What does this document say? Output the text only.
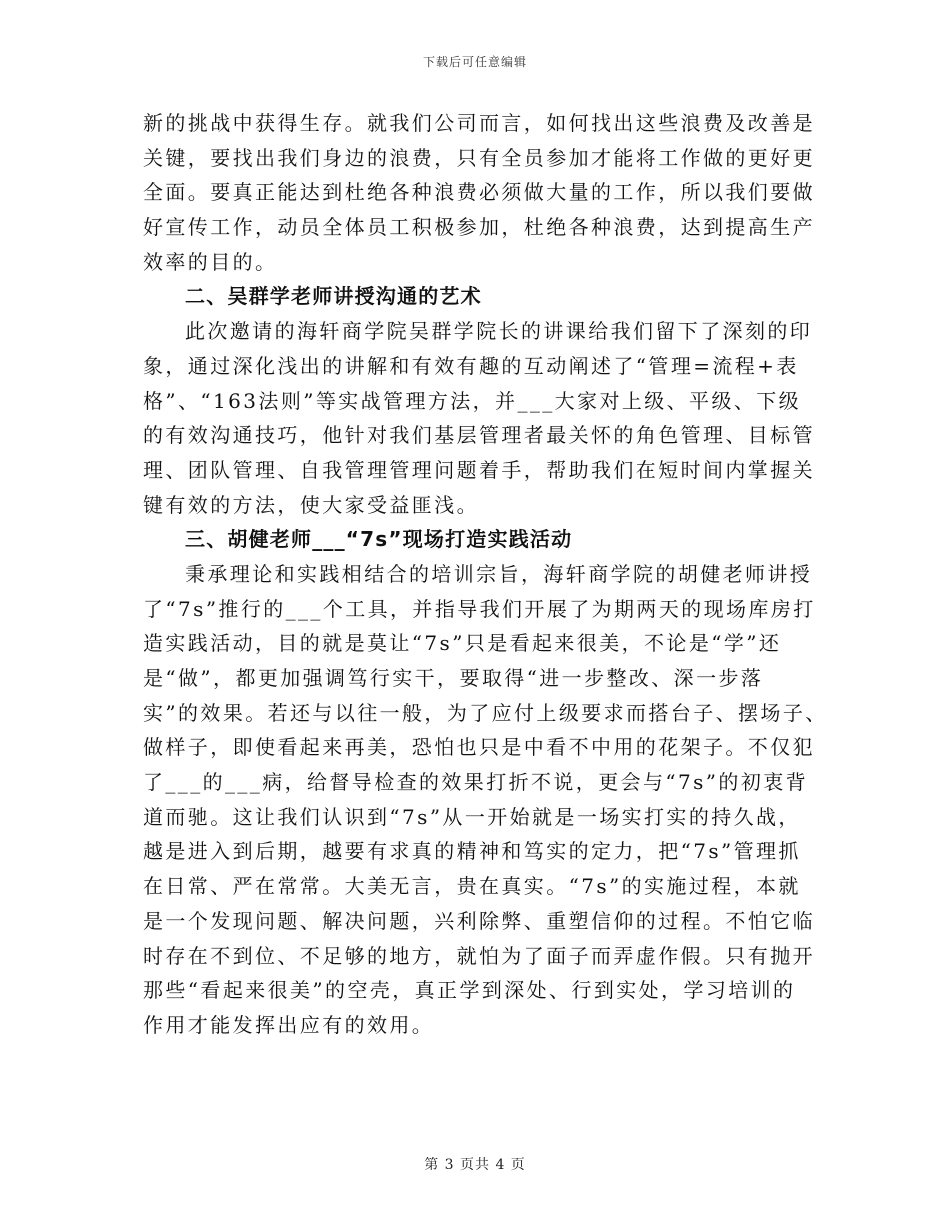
下载后可任意编辑
新的挑战中获得生存。就我们公司而言，如何找出这些浪费及改善是
关键，要找出我们身边的浪费，只有全员参加才能将工作做的更好更
全面。要真正能达到杜绝各种浪费必须做大量的工作，所以我们要做
好宣传工作，动员全体员工积极参加，杜绝各种浪费，达到提高生产
效率的目的。
二、吴群学老师讲授沟通的艺术
此次邀请的海轩商学院吴群学院长的讲课给我们留下了深刻的印
象，通过深化浅出的讲解和有效有趣的互动阐述了“管理=流程+表
格”、“163法则”等实战管理方法，并___大家对上级、平级、下级
的有效沟通技巧，他针对我们基层管理者最关怀的角色管理、目标管
理、团队管理、自我管理管理问题着手，帮助我们在短时间内掌握关
键有效的方法，使大家受益匪浅。
三、胡健老师___“7s”现场打造实践活动
秉承理论和实践相结合的培训宗旨，海轩商学院的胡健老师讲授
了“7s”推行的___个工具，并指导我们开展了为期两天的现场库房打
造实践活动，目的就是莫让“7s”只是看起来很美，不论是“学”还
是“做”，都更加强调笃行实干，要取得“进一步整改、深一步落
实”的效果。若还与以往一般，为了应付上级要求而搭台子、摆场子、
做样子，即使看起来再美，恐怕也只是中看不中用的花架子。不仅犯
了___的___病，给督导检查的效果打折不说，更会与“7s”的初衷背
道而驰。这让我们认识到“7s”从一开始就是一场实打实的持久战，
越是进入到后期，越要有求真的精神和笃实的定力，把“7s”管理抓
在日常、严在常常。大美无言，贵在真实。“7s”的实施过程，本就
是一个发现问题、解决问题，兴利除弊、重塑信仰的过程。不怕它临
时存在不到位、不足够的地方，就怕为了面子而弄虚作假。只有抛开
那些“看起来很美”的空壳，真正学到深处、行到实处，学习培训的
作用才能发挥出应有的效用。
第 3 页共 4 页
